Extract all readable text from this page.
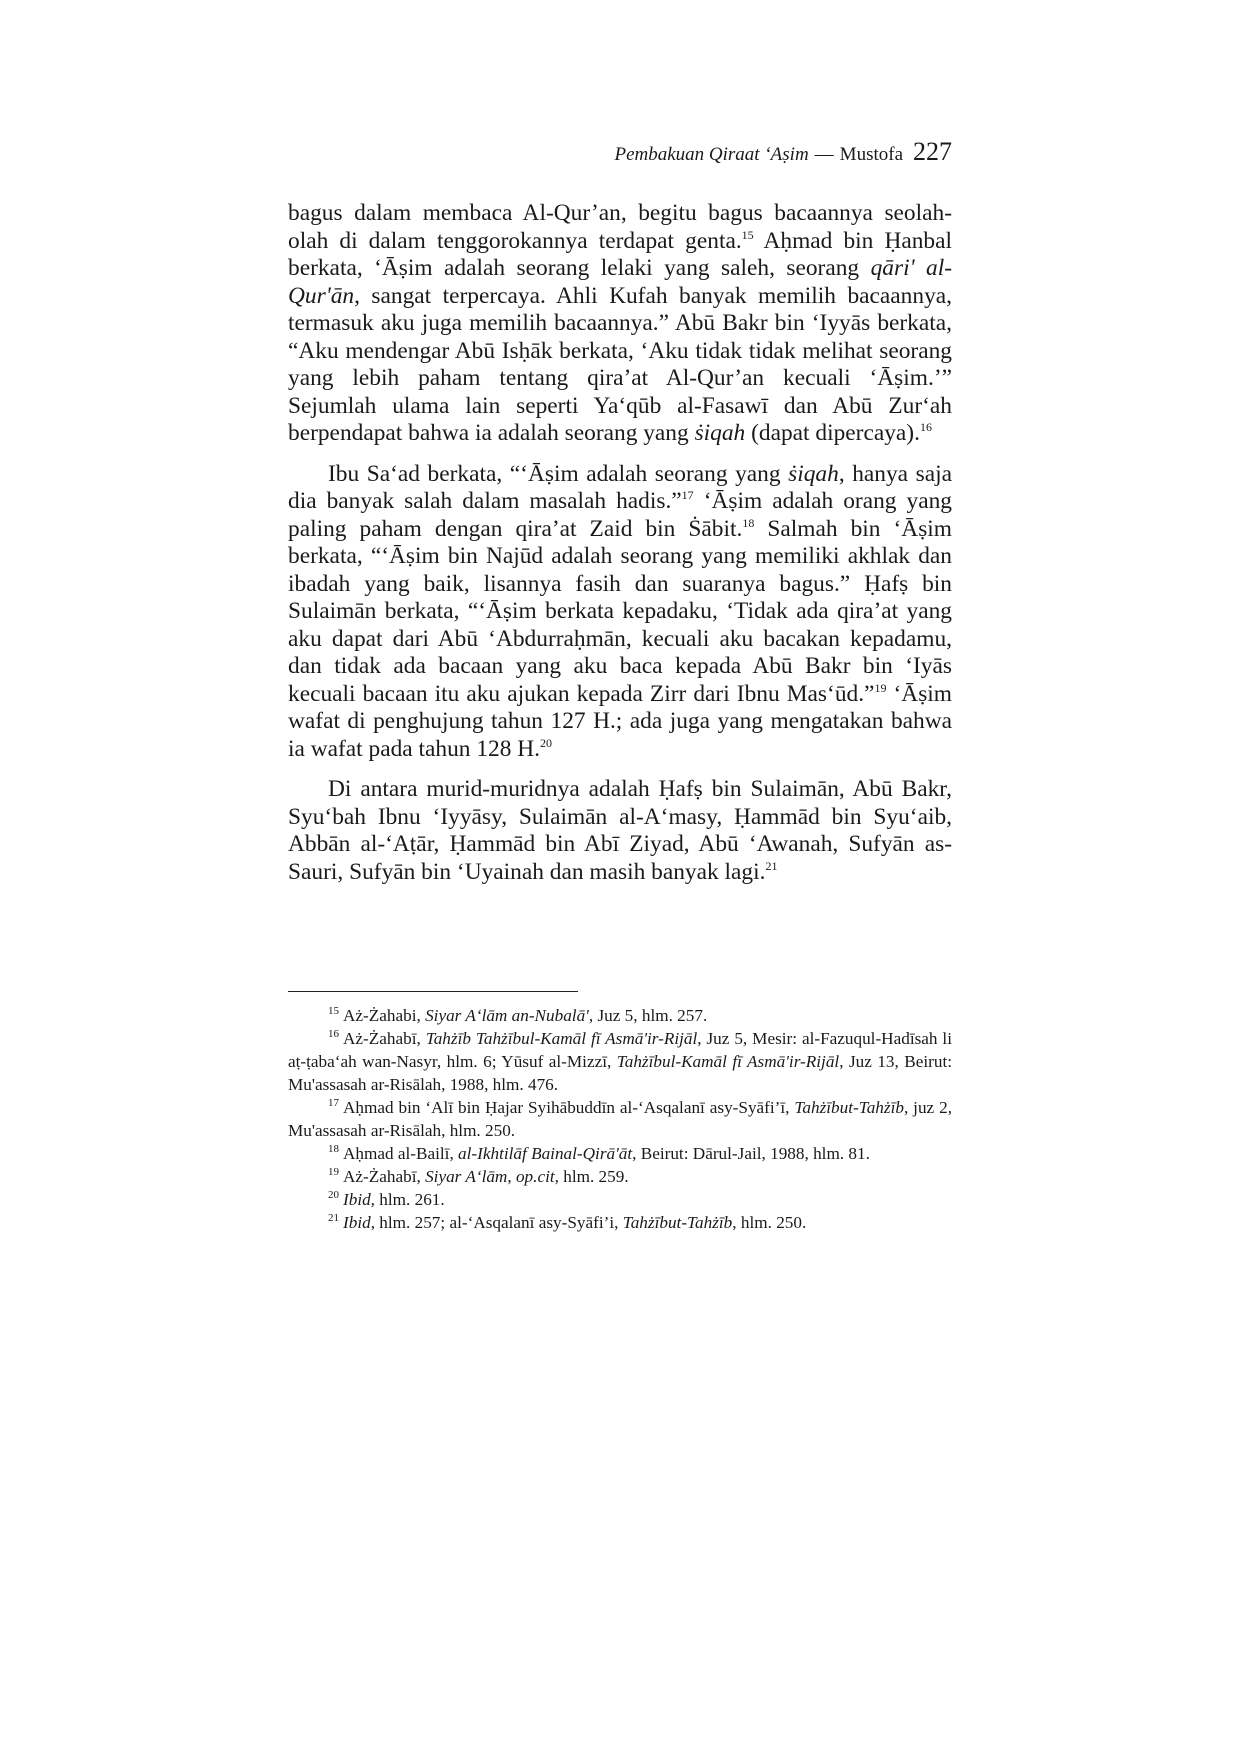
Pembakuan Qiraat ‘Aṣim — Mustofa 227

bagus dalam membaca Al-Qur’an, begitu bagus bacaannya seolah-olah di dalam tenggorokannya terdapat genta.$^{15}$ Aḥmad bin Ḥanbal berkata, ‘Āṣim adalah seorang lelaki yang saleh, seorang qāri' al-Qur'ān, sangat terpercaya. Ahli Kufah banyak memilih bacaannya, termasuk aku juga memilih bacaannya.” Abū Bakr bin ‘Iyyās berkata, “Aku mendengar Abū Isḥāk berkata, ‘Aku tidak tidak melihat seorang yang lebih paham tentang qira’at Al-Qur’an kecuali ‘Āṣim.’” Sejumlah ulama lain seperti Ya‘qūb al-Fasawī dan Abū Zur‘ah berpendapat bahwa ia adalah seorang yang ṡiqah (dapat dipercaya).$^{16}$

Ibu Sa‘ad berkata, “‘Āṣim adalah seorang yang ṡiqah, hanya saja dia banyak salah dalam masalah hadis.”$^{17}$ ‘Āṣim adalah orang yang paling paham dengan qira’at Zaid bin Ṡābit.$^{18}$ Salmah bin ‘Āṣim berkata, “‘Āṣim bin Najūd adalah seorang yang memiliki akhlak dan ibadah yang baik, lisannya fasih dan suaranya bagus.” Ḥafṣ bin Sulaimān berkata, “‘Āṣim berkata kepadaku, ‘Tidak ada qira’at yang aku dapat dari Abū ‘Abdurraḥmān, kecuali aku bacakan kepadamu, dan tidak ada bacaan yang aku baca kepada Abū Bakr bin ‘Iyās kecuali bacaan itu aku ajukan kepada Zirr dari Ibnu Mas‘ūd.”$^{19}$ ‘Āṣim wafat di penghujung tahun 127 H.; ada juga yang mengatakan bahwa ia wafat pada tahun 128 H.$^{20}$

Di antara murid-muridnya adalah Ḥafṣ bin Sulaimān, Abū Bakr, Syu‘bah Ibnu ‘Iyyāsy, Sulaimān al-A‘masy, Ḥammād bin Syu‘aib, Abbān al-‘Aṭār, Ḥammād bin Abī Ziyad, Abū ‘Awanah, Sufyān as-Sauri, Sufyān bin ‘Uyainah dan masih banyak lagi.$^{21}$

$^{15}$ Aż-Żahabi, Siyar A‘lām an-Nubalā', Juz 5, hlm. 257.

$^{16}$ Aż-Żahabī, Tahżīb Tahżībul-Kamāl fī Asmā'ir-Rijāl, Juz 5, Mesir: al-Fazuqul-Hadīsah li aṭ-ṭaba‘ah wan-Nasyr, hlm. 6; Yūsuf al-Mizzī, Tahżībul-Kamāl fī Asmā'ir-Rijāl, Juz 13, Beirut: Mu'assasah ar-Risālah, 1988, hlm. 476.

$^{17}$ Aḥmad bin ‘Alī bin Ḥajar Syihābuddīn al-‘Asqalanī asy-Syāfi’ī, Tahżībut-Tahżīb, juz 2, Mu'assasah ar-Risālah, hlm. 250.

$^{18}$ Aḥmad al-Bailī, al-Ikhtilāf Bainal-Qirā'āt, Beirut: Dārul-Jail, 1988, hlm. 81.

$^{19}$ Aż-Żahabī, Siyar A‘lām, op.cit, hlm. 259.

$^{20}$ Ibid, hlm. 261.

$^{21}$ Ibid, hlm. 257; al-‘Asqalanī asy-Syāfi’i, Tahżībut-Tahżīb, hlm. 250.
